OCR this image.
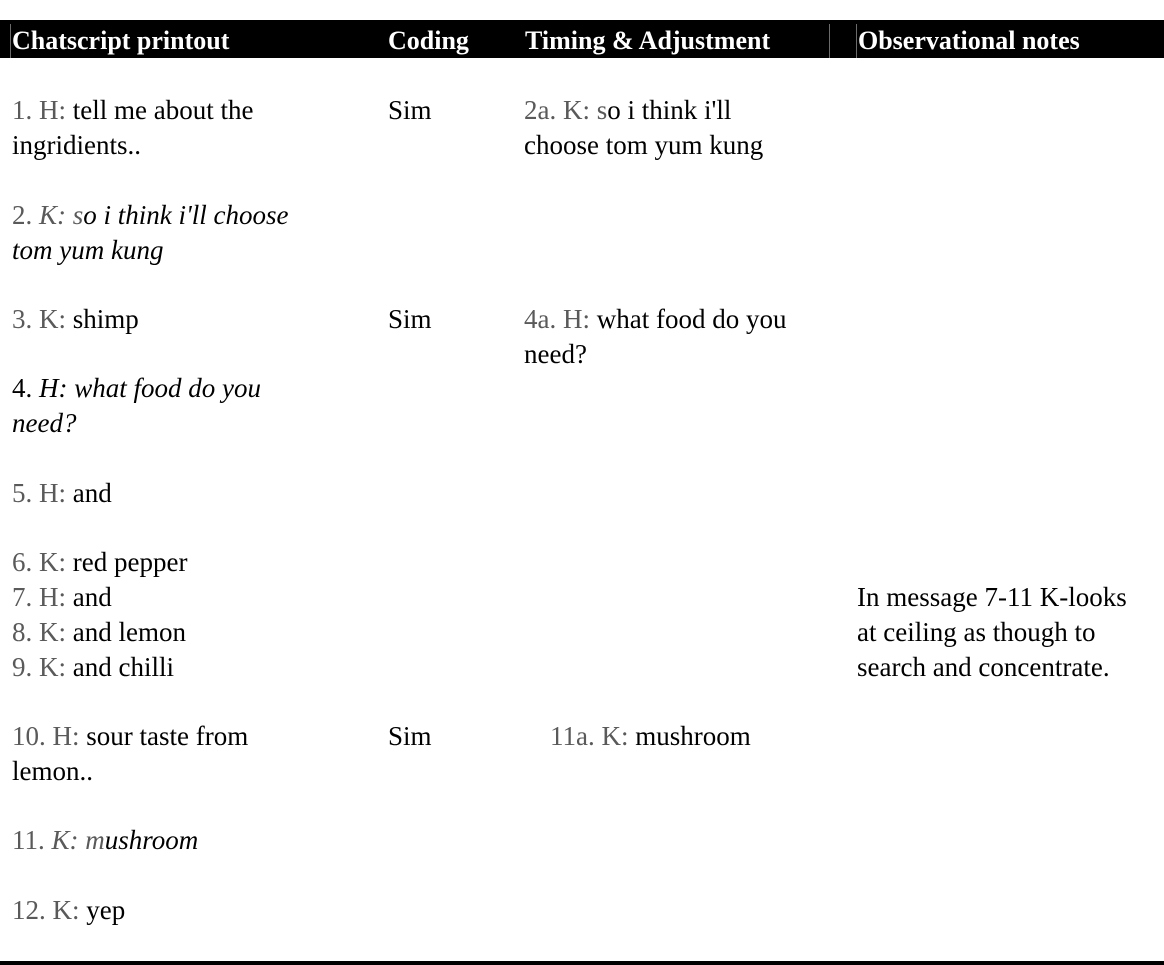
Chatscript printout	Coding Timing & Adjustment	Observational notes
1. H: tell me about the
ingridients..
2. K: so i think i'll choose
tom yum kung
3. K: shimp
4. H: what food do you
need?
5. H: and
6. K: red pepper
7. H: and
8. K: and lemon
9. K: and chilli
10. H: sour taste from
lemon..
11. K: mushroom
12. K: yep
Sim
Sim
Sim
2a. K: so i think i'll
choose tom yum kung
4a. H: what food do you
need?
11a. K: mushroom
In message 7-11 K-looks
at ceiling as though to
search and concentrate.
